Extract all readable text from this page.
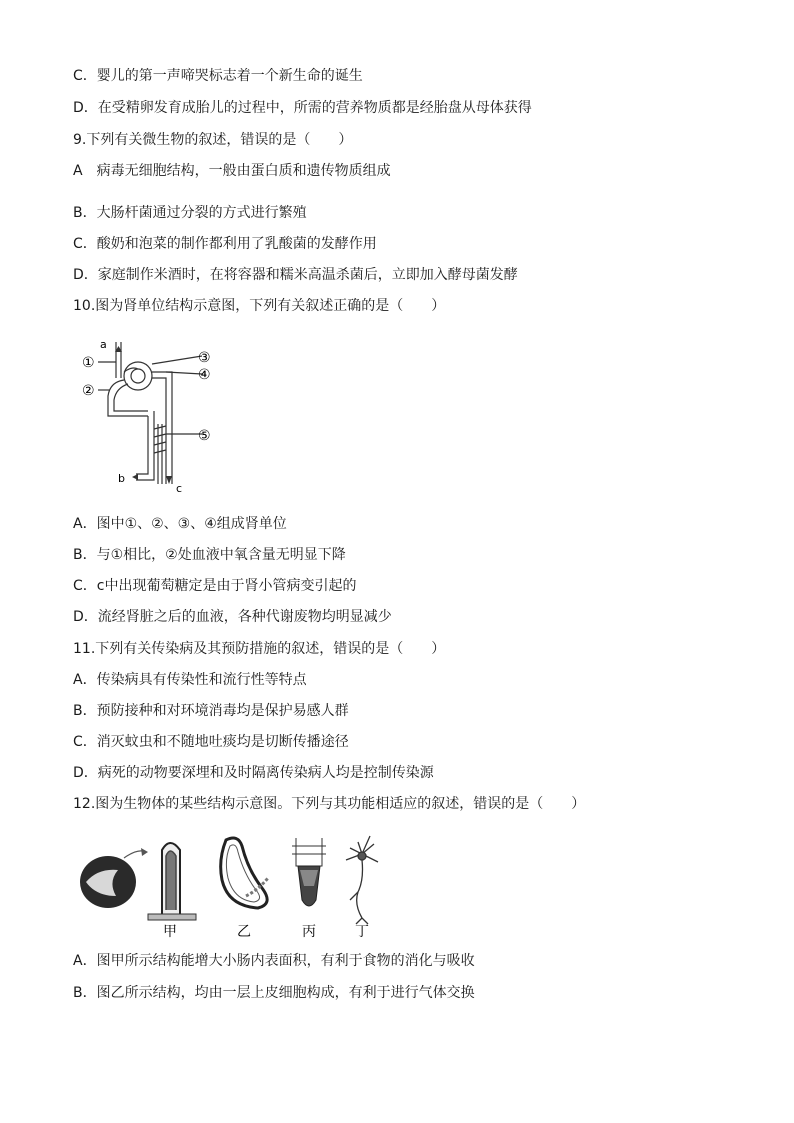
C．婴儿的第一声啼哭标志着一个新生命的诞生
D．在受精卵发育成胎儿的过程中，所需的营养物质都是经胎盘从母体获得
9.下列有关微生物的叙述，错误的是（　　）
A　病毒无细胞结构，一般由蛋白质和遗传物质组成
B．大肠杆菌通过分裂的方式进行繁殖
C．酸奶和泡菜的制作都利用了乳酸菌的发酵作用
D．家庭制作米酒时，在将容器和糯米高温杀菌后，立即加入酵母菌发酵
10.图为肾单位结构示意图，下列有关叙述正确的是（　　）
a
①
②
③
④
⑤
b
c
A．图中①、②、③、④组成肾单位
B．与①相比，②处血液中氧含量无明显下降
C．c中出现葡萄糖定是由于肾小管病变引起的
D．流经肾脏之后的血液，各种代谢废物均明显减少
11.下列有关传染病及其预防措施的叙述，错误的是（　　）
A．传染病具有传染性和流行性等特点
B．预防接种和对环境消毒均是保护易感人群
C．消灭蚊虫和不随地吐痰均是切断传播途径
D．病死的动物要深埋和及时隔离传染病人均是控制传染源
12.图为生物体的某些结构示意图。下列与其功能相适应的叙述，错误的是（　　）
甲	乙	丙	丁
A．图甲所示结构能增大小肠内表面积，有利于食物的消化与吸收
B．图乙所示结构，均由一层上皮细胞构成，有利于进行气体交换
